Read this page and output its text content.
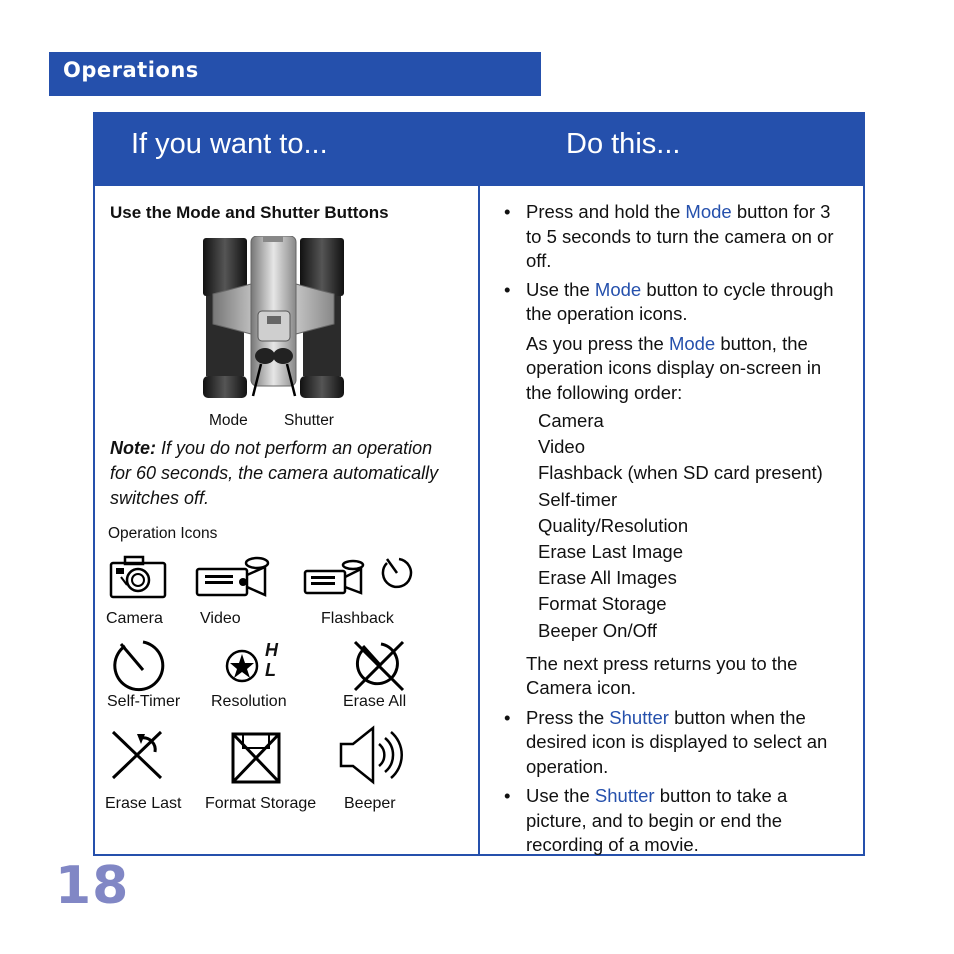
Operations
If you want to...	Do this...
Use the Mode and Shutter Buttons
Mode Shutter
Note: If you do not perform an operation for 60 seconds, the camera automatically switches off.
Operation Icons
Camera Video	Flashback
H
L
Self-Timer Resolution	Erase All
Erase Last Format Storage Beeper
• Press and hold the Mode button for 3 to 5 seconds to turn the camera on or off.
• Use the Mode button to cycle through the operation icons.
As you press the Mode button, the operation icons display on-screen in the following order:
Camera
Video
Flashback (when SD card present)
Self-timer
Quality/Resolution
Erase Last Image
Erase All Images
Format Storage
Beeper On/Off
The next press returns you to the Camera icon.
• Press the Shutter button when the desired icon is displayed to select an operation.
• Use the Shutter button to take a picture, and to begin or end the recording of a movie.
18
